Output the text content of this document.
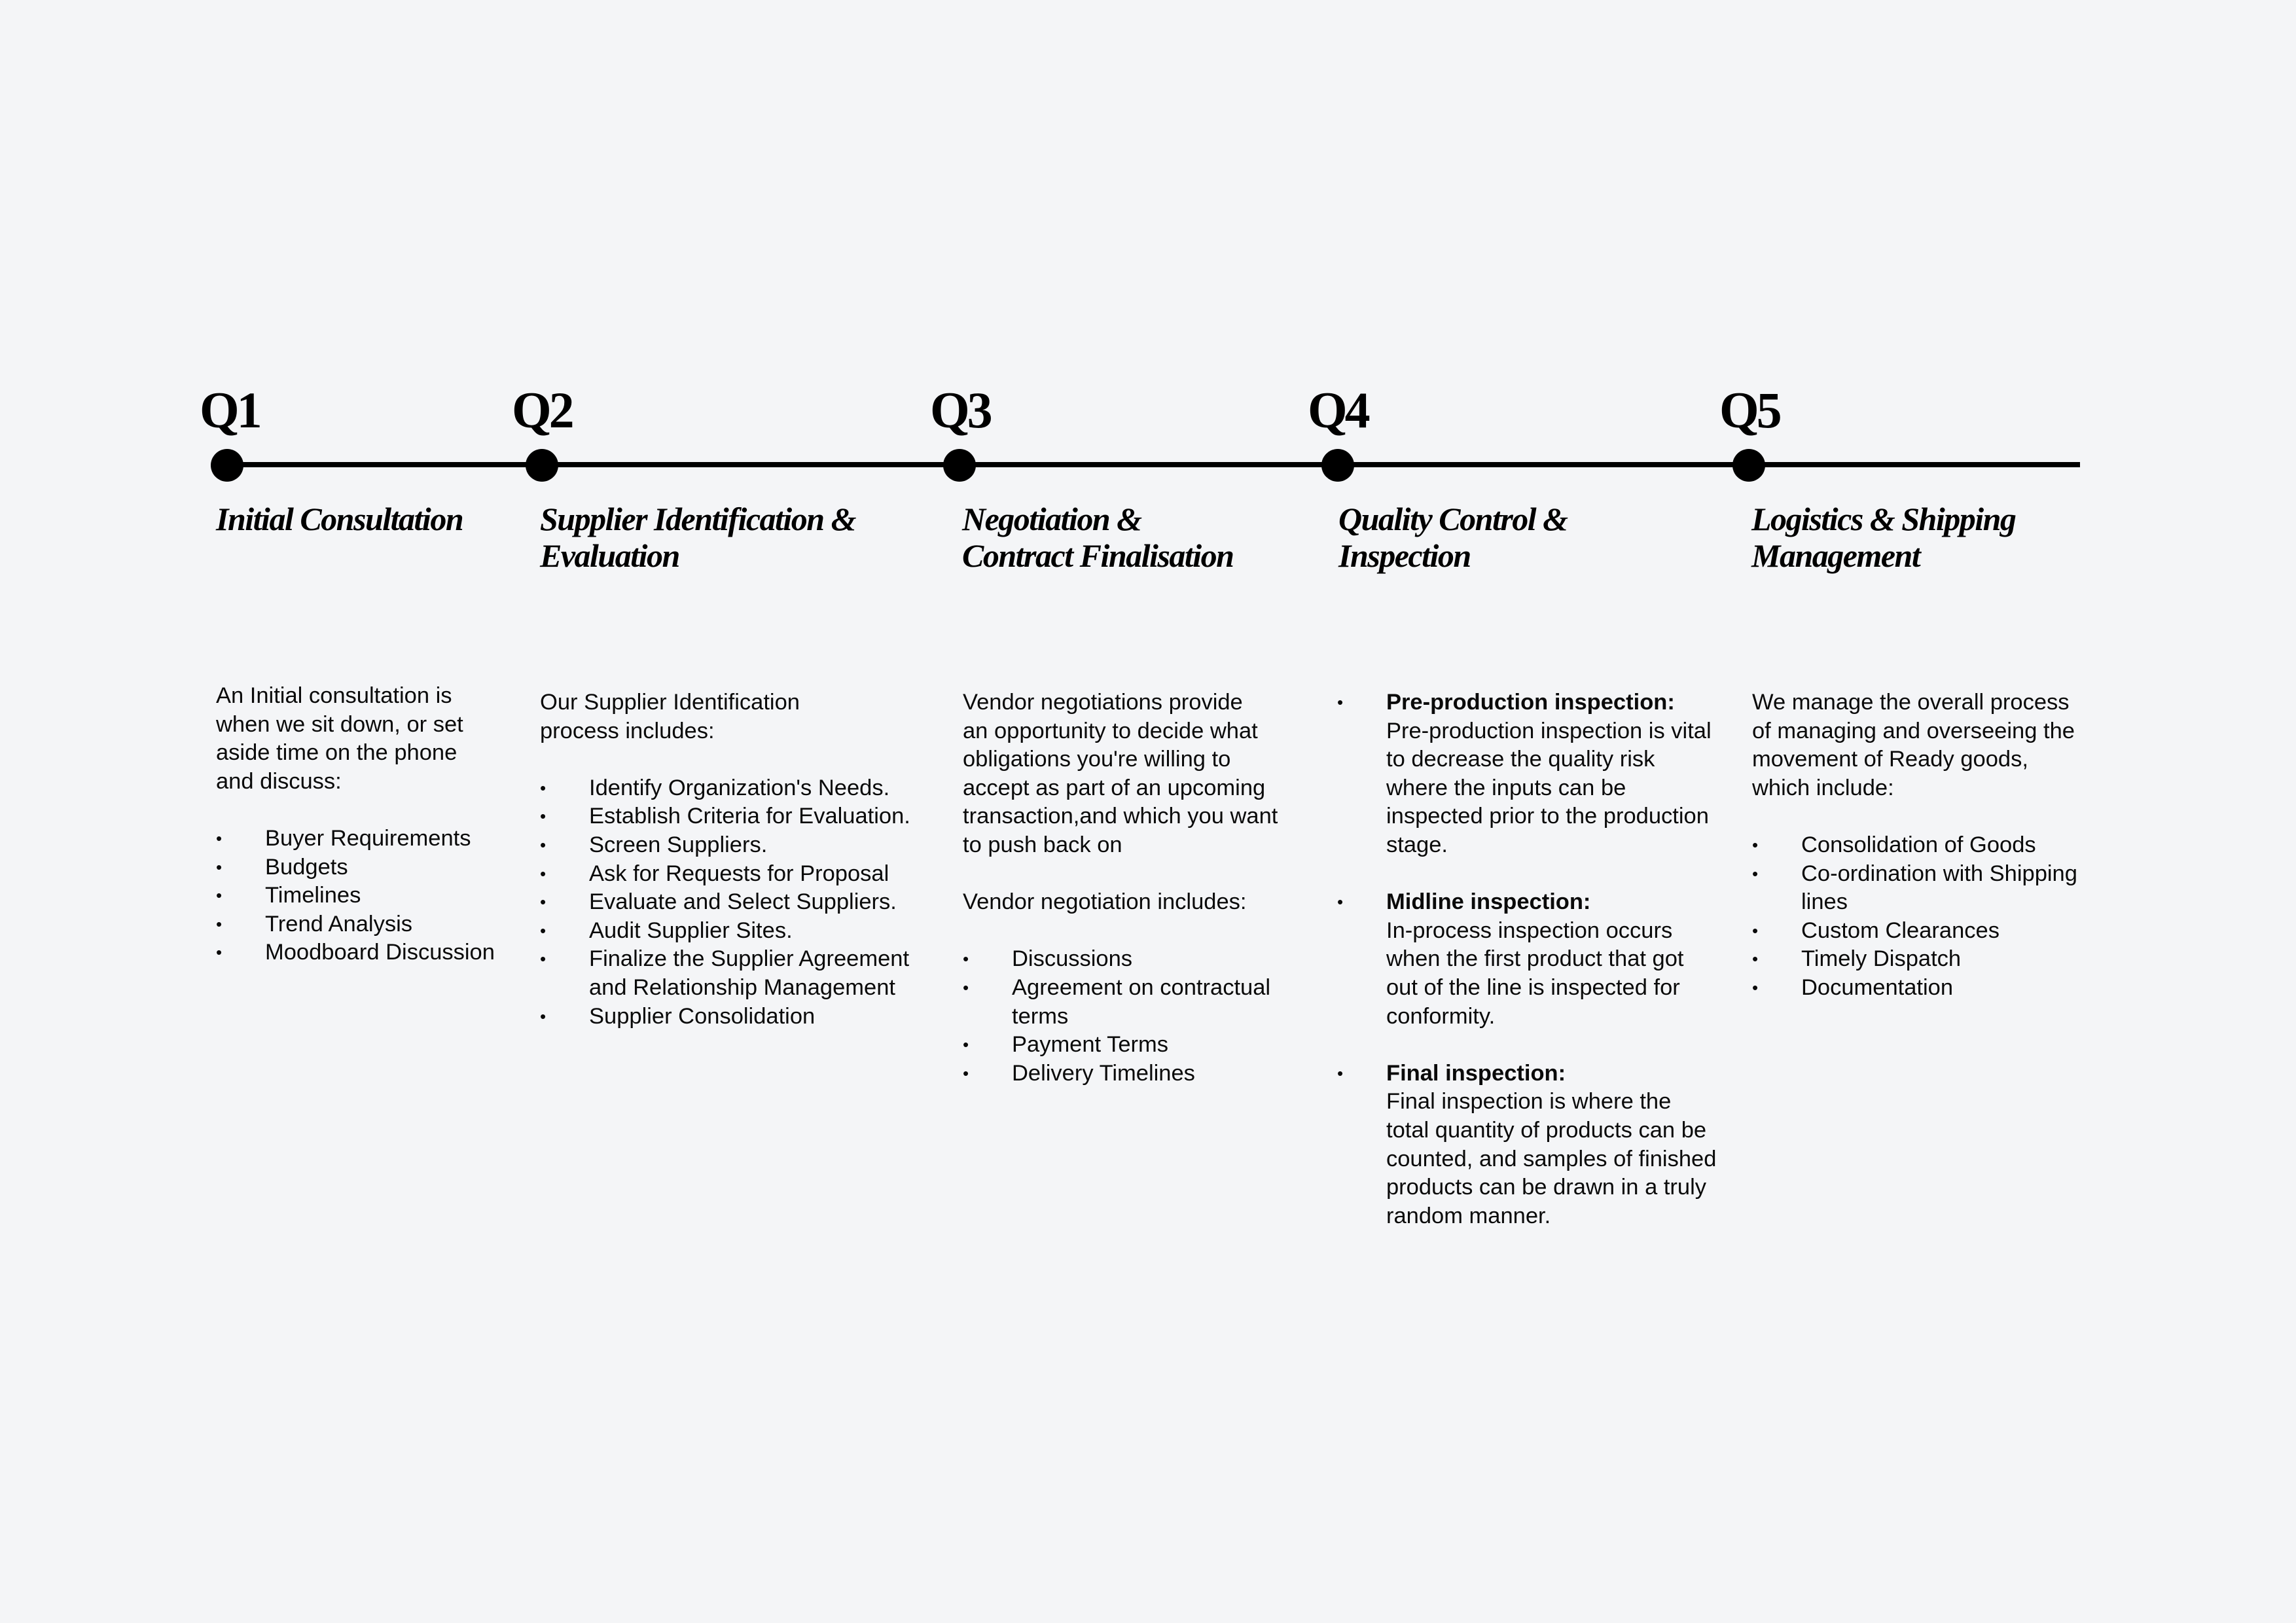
Q1	Q2	Q3	Q4	Q5
Initial Consultation Supplier Identification &
Evaluation
Negotiation &
Contract Finalisation
Quality Control &
Inspection
Logistics & Shipping
Management
An Initial consultation is
when we sit down, or set
aside time on the phone
and discuss:
• Buyer Requirements
• Budgets
• Timelines
• Trend Analysis
• Moodboard Discussion
Our Supplier Identification
process includes:
• Identify Organization's Needs.
• Establish Criteria for Evaluation.
• Screen Suppliers.
• Ask for Requests for Proposal
• Evaluate and Select Suppliers.
• Audit Supplier Sites.
• Finalize the Supplier Agreement and Relationship Management
• Supplier Consolidation
Vendor negotiations provide
an opportunity to decide what
obligations you're willing to
accept as part of an upcoming
transaction,and which you want
to push back on
Vendor negotiation includes:
• Discussions
• Agreement on contractual terms
• Payment Terms
• Delivery Timelines
• Pre-production inspection:
Pre-production inspection is vital to decrease the quality risk where the inputs can be inspected prior to the production stage.
• Midline inspection:
In-process inspection occurs when the first product that got out of the line is inspected for conformity.
• Final inspection:
Final inspection is where the total quantity of products can be counted, and samples of finished products can be drawn in a truly random manner.
We manage the overall process
of managing and overseeing the
movement of Ready goods,
which include:
• Consolidation of Goods
• Co-ordination with Shipping lines
• Custom Clearances
• Timely Dispatch
• Documentation
